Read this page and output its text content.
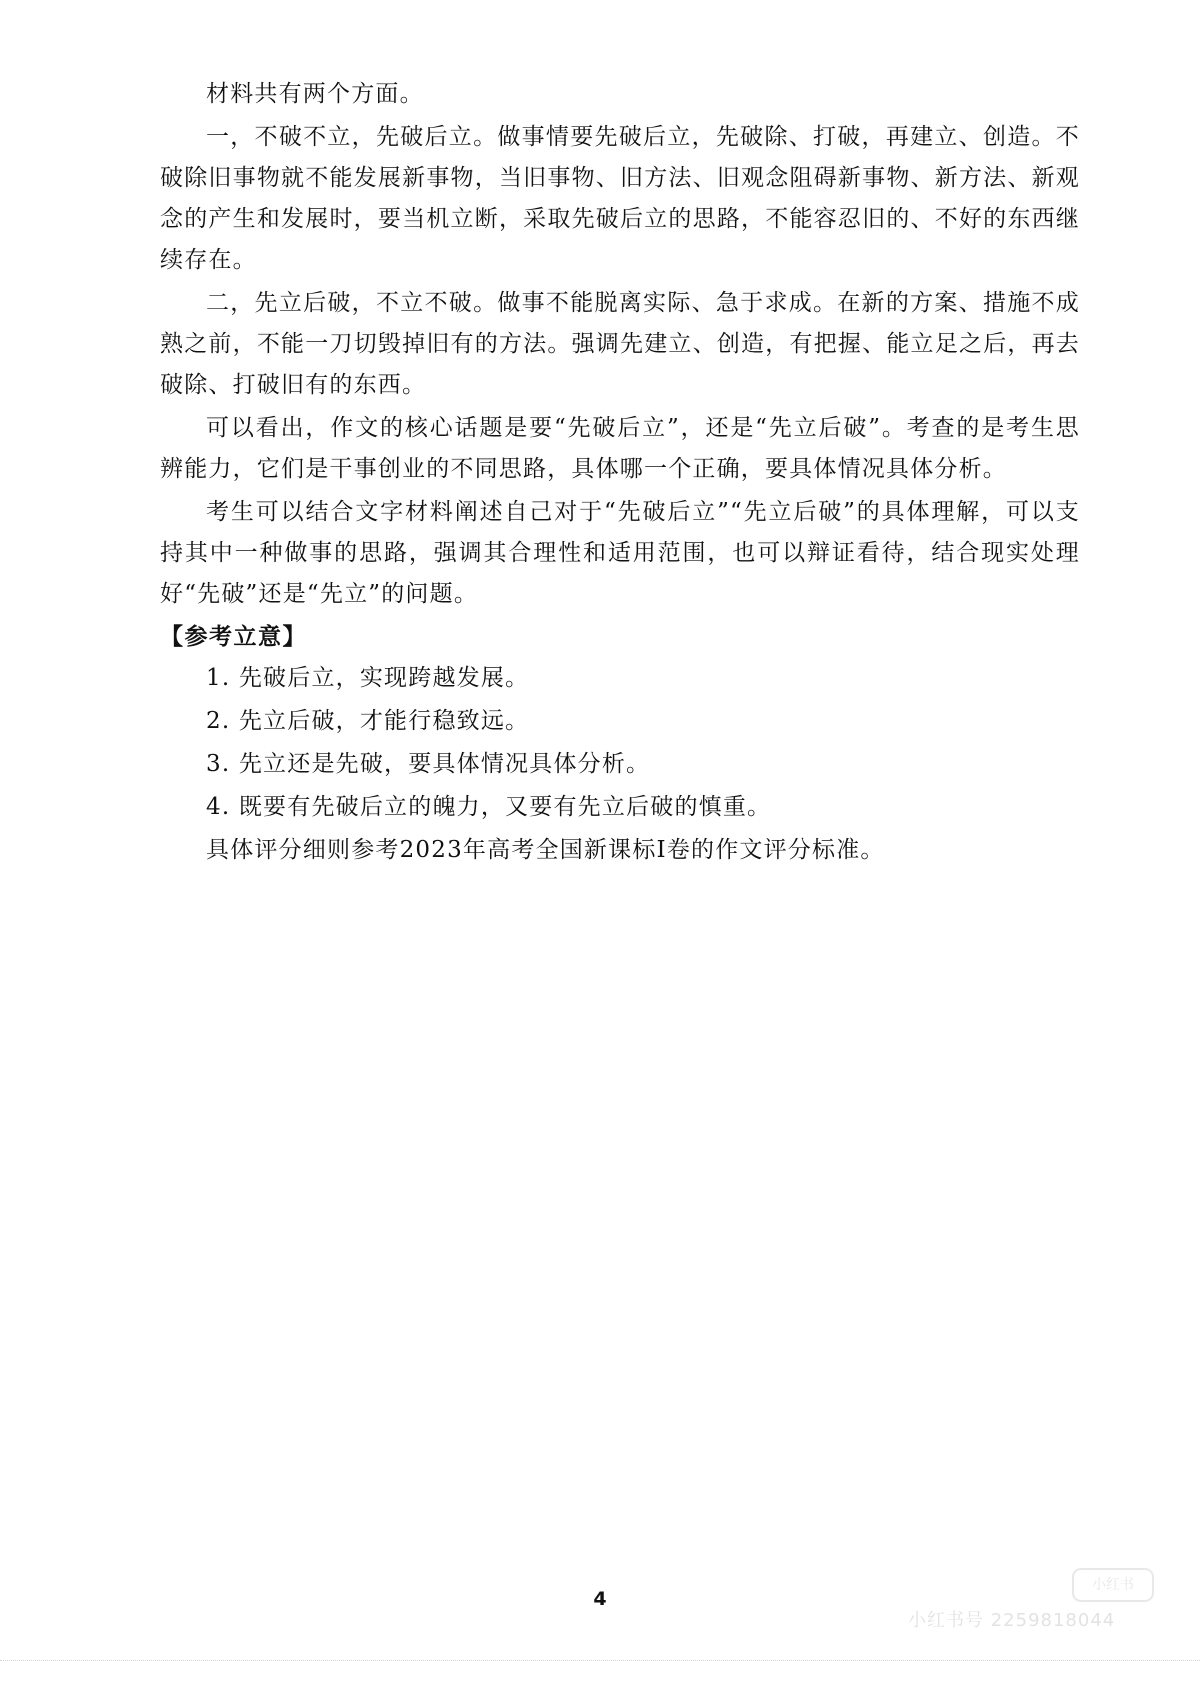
材料共有两个方面。

一，不破不立，先破后立。做事情要先破后立，先破除、打破，再建立、创造。不破除旧事物就不能发展新事物，当旧事物、旧方法、旧观念阻碍新事物、新方法、新观念的产生和发展时，要当机立断，采取先破后立的思路，不能容忍旧的、不好的东西继续存在。

二，先立后破，不立不破。做事不能脱离实际、急于求成。在新的方案、措施不成熟之前，不能一刀切毁掉旧有的方法。强调先建立、创造，有把握、能立足之后，再去破除、打破旧有的东西。

可以看出，作文的核心话题是要“先破后立”，还是“先立后破”。考查的是考生思辨能力，它们是干事创业的不同思路，具体哪一个正确，要具体情况具体分析。

考生可以结合文字材料阐述自己对于“先破后立”“先立后破”的具体理解，可以支持其中一种做事的思路，强调其合理性和适用范围，也可以辩证看待，结合现实处理好“先破”还是“先立”的问题。

【参考立意】

1. 先破后立，实现跨越发展。
2. 先立后破，才能行稳致远。
3. 先立还是先破，要具体情况具体分析。
4. 既要有先破后立的魄力，又要有先立后破的慎重。

具体评分细则参考2023年高考全国新课标Ⅰ卷的作文评分标准。

4
小红书
小红书号 2259818044
